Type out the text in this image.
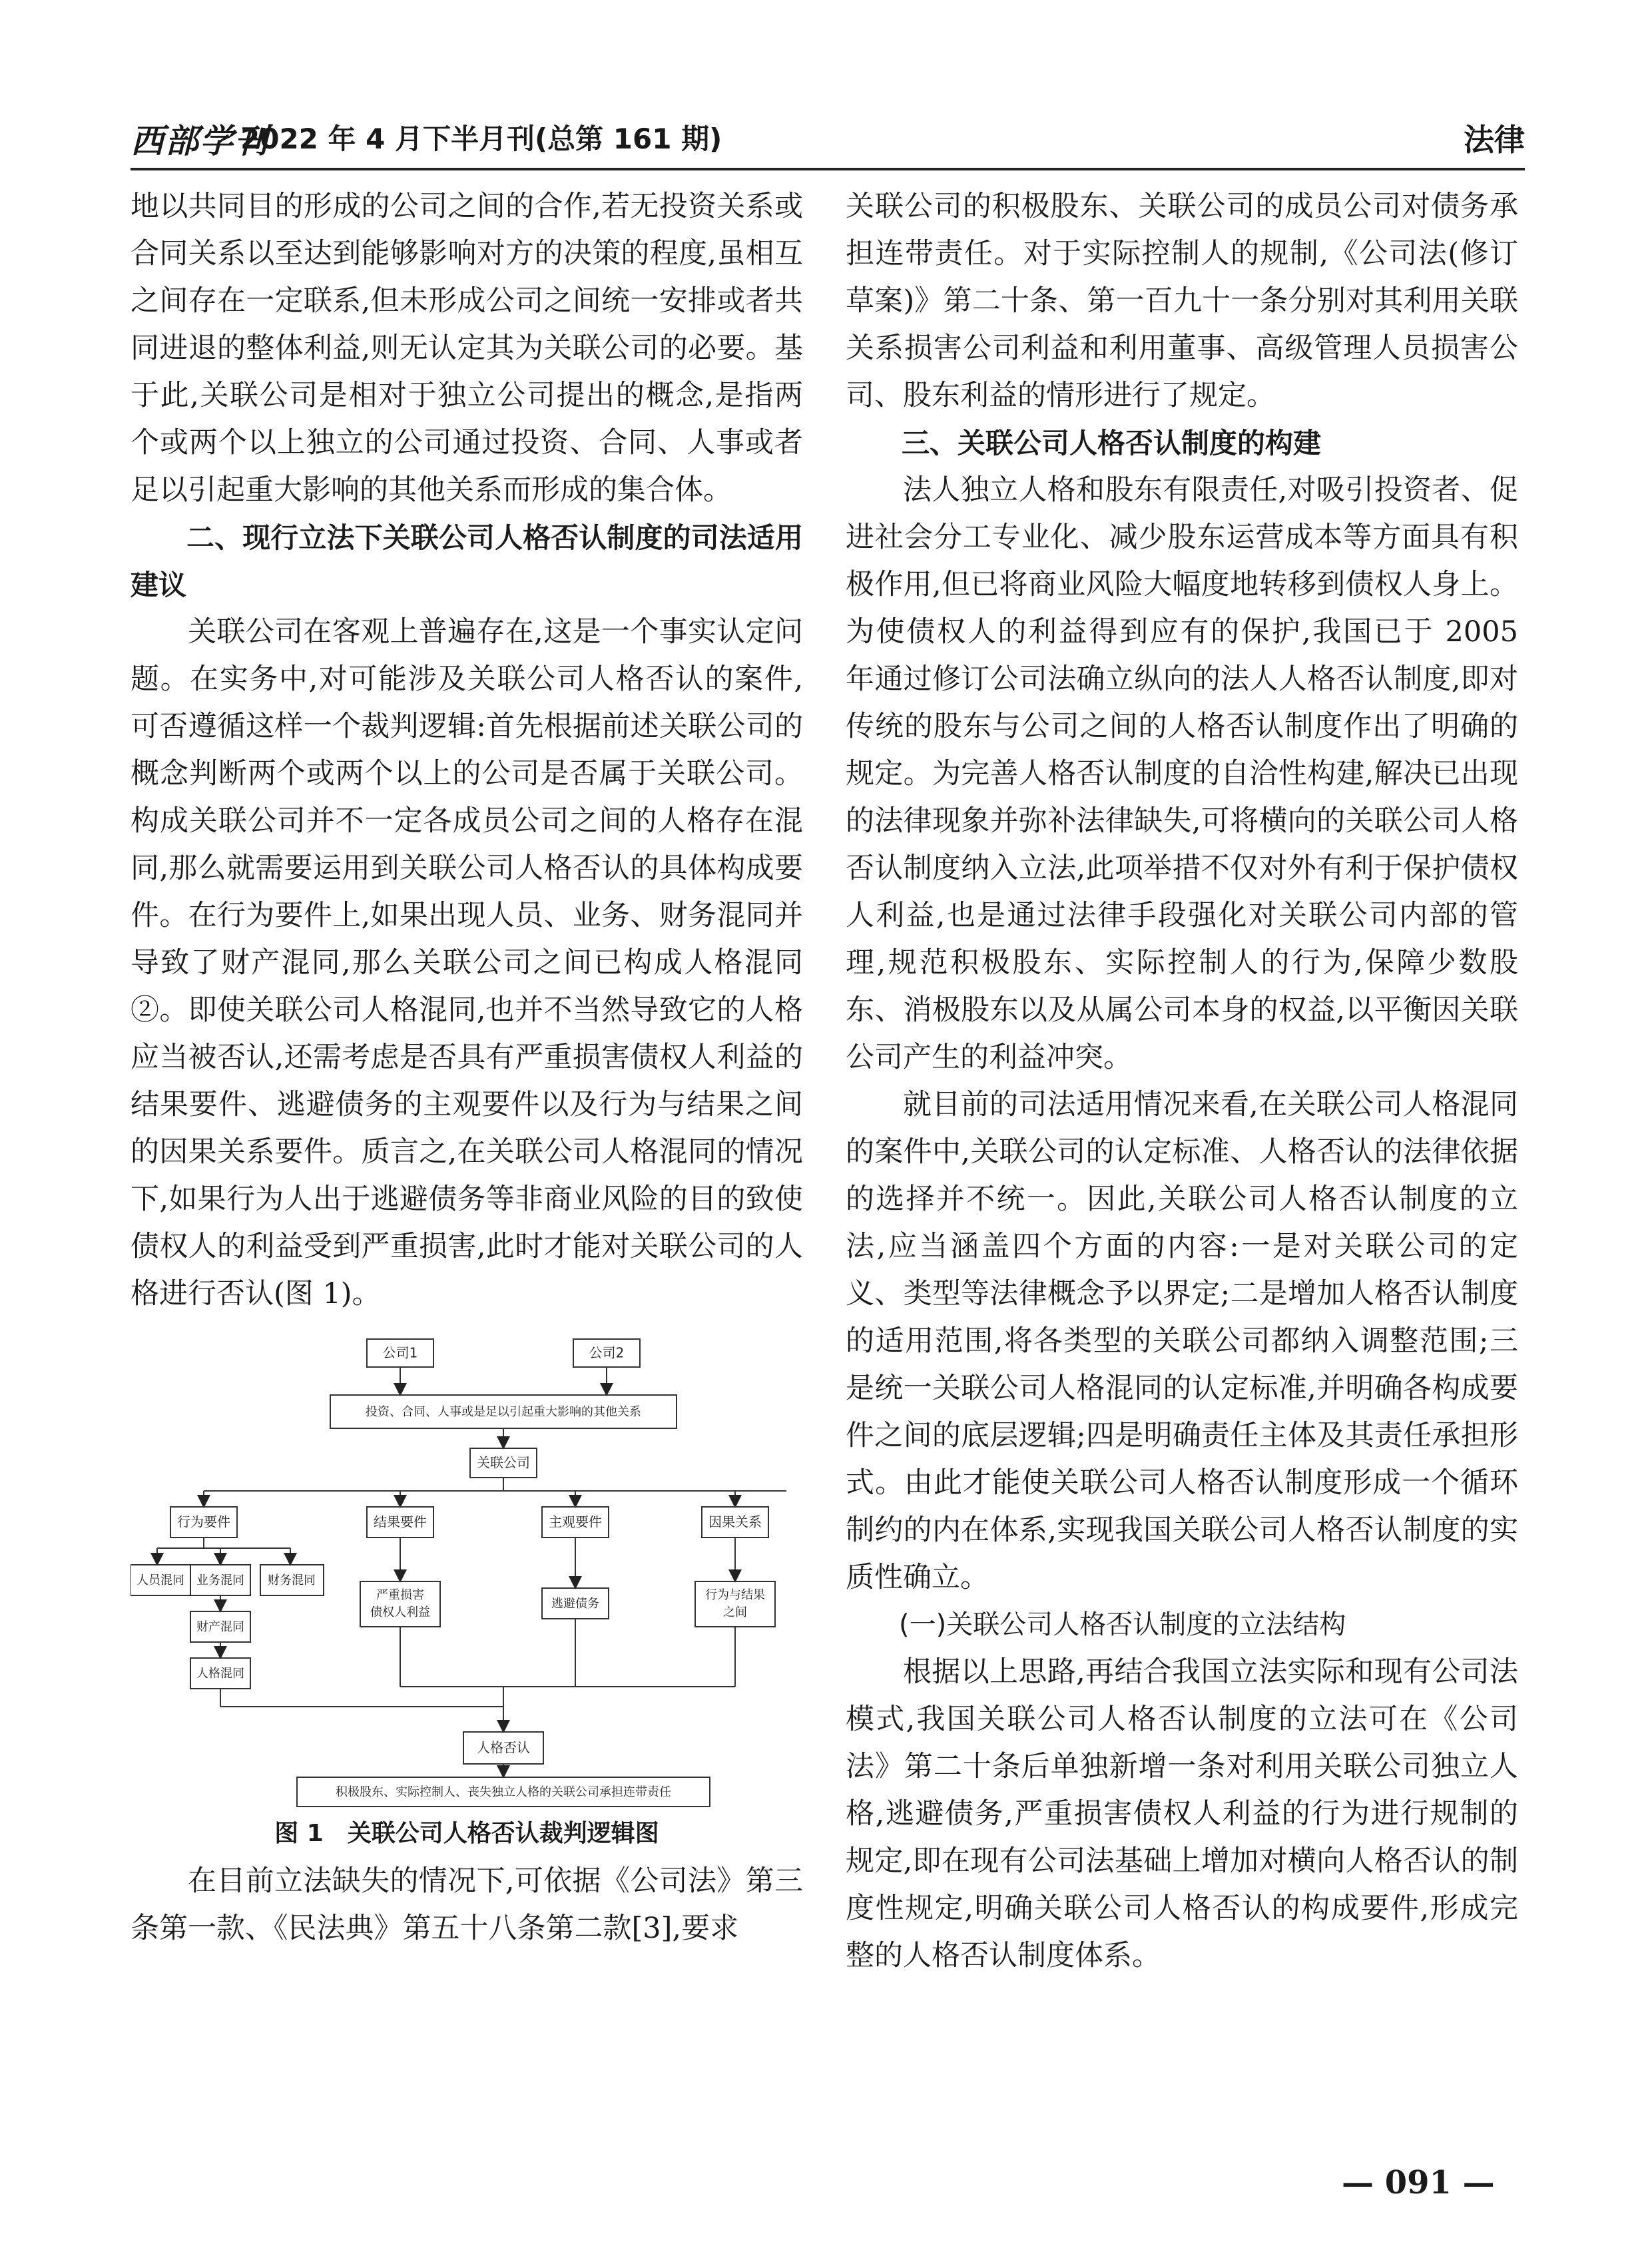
西部学刊
2022 年 4 月下半月刊(总第 161 期)	法律

地以共同目的形成的公司之间的合作,若无投资关系或合同关系以至达到能够影响对方的决策的程度,虽相互之间存在一定联系,但未形成公司之间统一安排或者共同进退的整体利益,则无认定其为关联公司的必要。基于此,关联公司是相对于独立公司提出的概念,是指两个或两个以上独立的公司通过投资、合同、人事或者足以引起重大影响的其他关系而形成的集合体。

二、现行立法下关联公司人格否认制度的司法适用建议

关联公司在客观上普遍存在,这是一个事实认定问题。在实务中,对可能涉及关联公司人格否认的案件,可否遵循这样一个裁判逻辑:首先根据前述关联公司的概念判断两个或两个以上的公司是否属于关联公司。构成关联公司并不一定各成员公司之间的人格存在混同,那么就需要运用到关联公司人格否认的具体构成要件。在行为要件上,如果出现人员、业务、财务混同并导致了财产混同,那么关联公司之间已构成人格混同②。即使关联公司人格混同,也并不当然导致它的人格应当被否认,还需考虑是否具有严重损害债权人利益的结果要件、逃避债务的主观要件以及行为与结果之间的因果关系要件。质言之,在关联公司人格混同的情况下,如果行为人出于逃避债务等非商业风险的目的致使债权人的利益受到严重损害,此时才能对关联公司的人格进行否认(图 1)。

公司1	公司2
投资、合同、人事或是足以引起重大影响的其他关系
关联公司
行为要件	结果要件	主观要件	因果关系
人员混同 业务混同 财务混同
财产混同
人格混同
严重损害
债权人利益
逃避债务
行为与结果
之间
人格否认
积极股东、实际控制人、丧失独立人格的关联公司承担连带责任
图 1　关联公司人格否认裁判逻辑图

在目前立法缺失的情况下,可依据《公司法》第三条第一款、《民法典》第五十八条第二款[3],要求

关联公司的积极股东、关联公司的成员公司对债务承担连带责任。对于实际控制人的规制,《公司法(修订草案)》第二十条、第一百九十一条分别对其利用关联关系损害公司利益和利用董事、高级管理人员损害公司、股东利益的情形进行了规定。

三、关联公司人格否认制度的构建

法人独立人格和股东有限责任,对吸引投资者、促进社会分工专业化、减少股东运营成本等方面具有积极作用,但已将商业风险大幅度地转移到债权人身上。为使债权人的利益得到应有的保护,我国已于 2005 年通过修订公司法确立纵向的法人人格否认制度,即对传统的股东与公司之间的人格否认制度作出了明确的规定。为完善人格否认制度的自洽性构建,解决已出现的法律现象并弥补法律缺失,可将横向的关联公司人格否认制度纳入立法,此项举措不仅对外有利于保护债权人利益,也是通过法律手段强化对关联公司内部的管理,规范积极股东、实际控制人的行为,保障少数股东、消极股东以及从属公司本身的权益,以平衡因关联公司产生的利益冲突。

就目前的司法适用情况来看,在关联公司人格混同的案件中,关联公司的认定标准、人格否认的法律依据的选择并不统一。因此,关联公司人格否认制度的立法,应当涵盖四个方面的内容:一是对关联公司的定义、类型等法律概念予以界定;二是增加人格否认制度的适用范围,将各类型的关联公司都纳入调整范围;三是统一关联公司人格混同的认定标准,并明确各构成要件之间的底层逻辑;四是明确责任主体及其责任承担形式。由此才能使关联公司人格否认制度形成一个循环制约的内在体系,实现我国关联公司人格否认制度的实质性确立。

(一)关联公司人格否认制度的立法结构

根据以上思路,再结合我国立法实际和现有公司法模式,我国关联公司人格否认制度的立法可在《公司法》第二十条后单独新增一条对利用关联公司独立人格,逃避债务,严重损害债权人利益的行为进行规制的规定,即在现有公司法基础上增加对横向人格否认的制度性规定,明确关联公司人格否认的构成要件,形成完整的人格否认制度体系。

— 091 —
